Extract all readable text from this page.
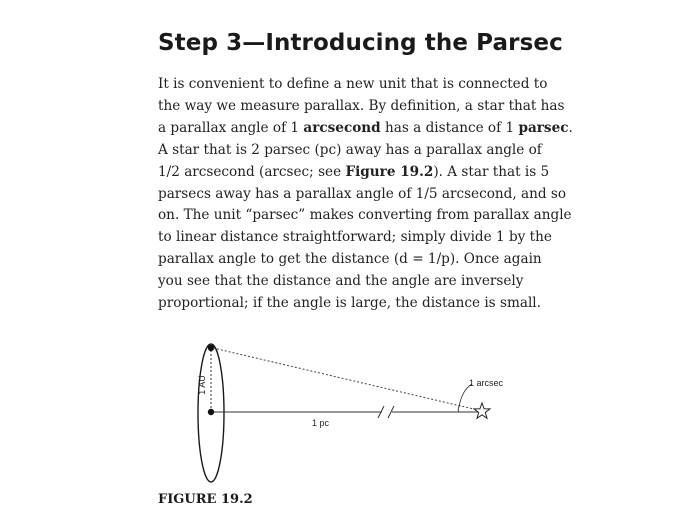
Step 3—Introducing the Parsec

It is convenient to define a new unit that is connected to
the way we measure parallax. By definition, a star that has
a parallax angle of 1 arcsecond has a distance of 1 parsec.
A star that is 2 parsec (pc) away has a parallax angle of
1/2 arcsecond (arcsec; see Figure 19.2). A star that is 5
parsecs away has a parallax angle of 1/5 arcsecond, and so
on. The unit “parsec” makes converting from parallax angle
to linear distance straightforward; simply divide 1 by the
parallax angle to get the distance (d = 1/p). Once again
you see that the distance and the angle are inversely
proportional; if the angle is large, the distance is small.

1 AU
1 pc
1 arcsec

FIGURE 19.2
